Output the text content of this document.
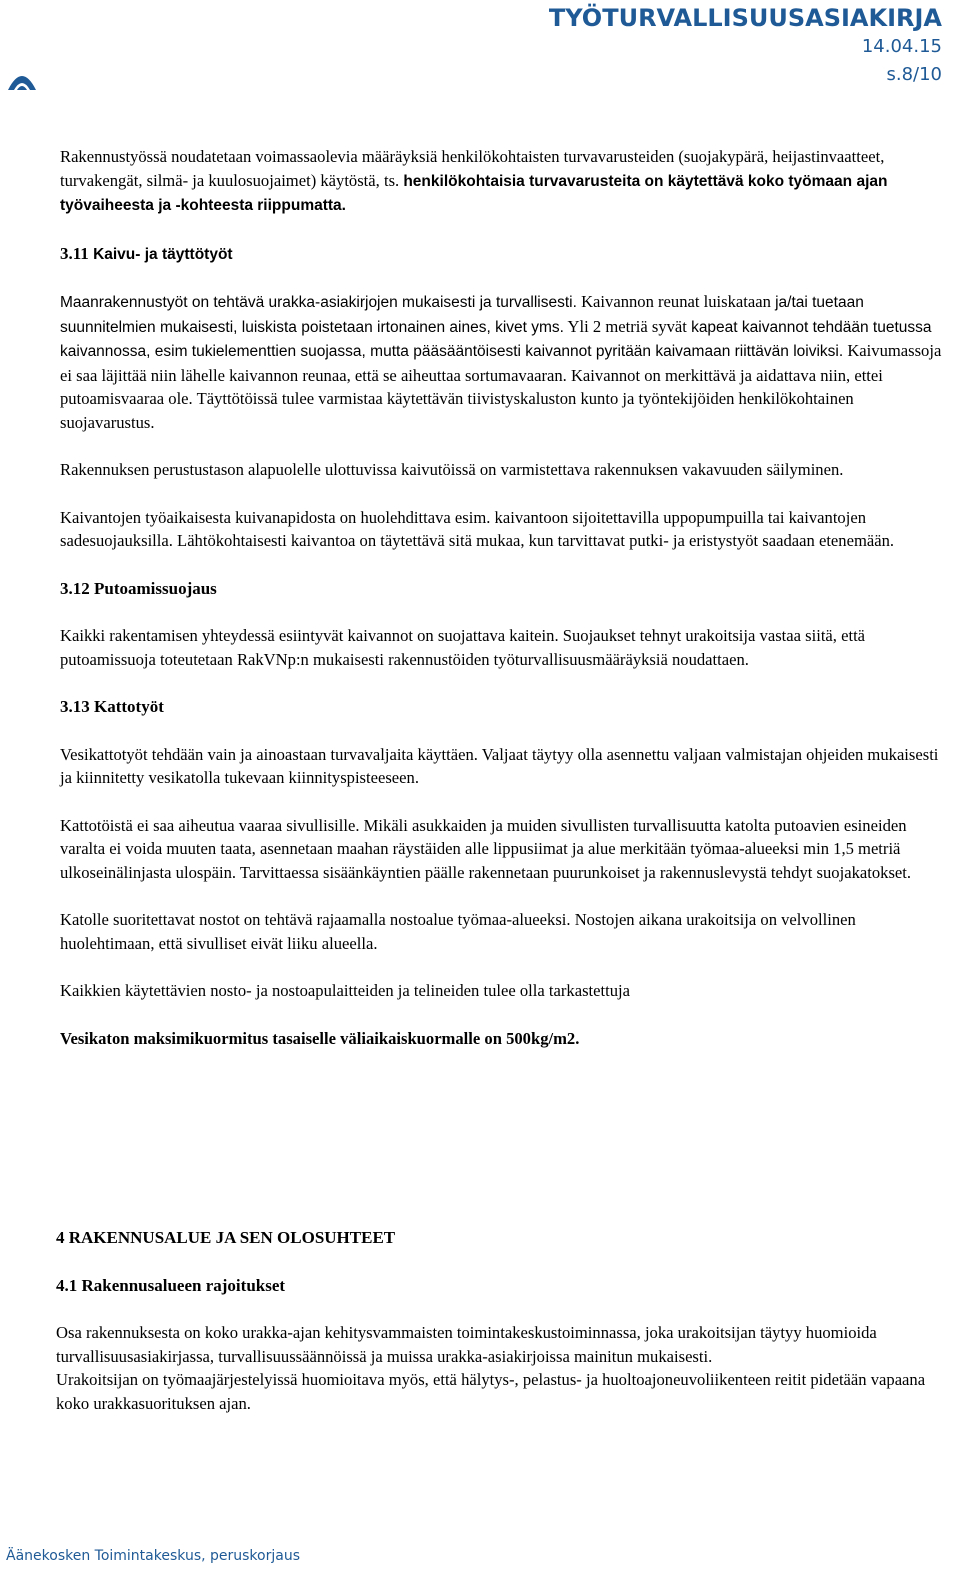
TYÖTURVALLISUUSASIAKIRJA
14.04.15
s.8/10

Rakennustyössä noudatetaan voimassaolevia määräyksiä henkilökohtaisten turvavarusteiden (suojakypärä, heijastinvaatteet, turvakengät, silmä- ja kuulosuojaimet) käytöstä, ts. henkilökohtaisia turvavarusteita on käytettävä koko työmaan ajan työvaiheesta ja -kohteesta riippumatta.

3.11 Kaivu- ja täyttötyöt

Maanrakennustyöt on tehtävä urakka-asiakirjojen mukaisesti ja turvallisesti. Kaivannon reunat luiskataan ja/tai tuetaan suunnitelmien mukaisesti, luiskista poistetaan irtonainen aines, kivet yms. Yli 2 metriä syvät kapeat kaivannot tehdään tuetussa kaivannossa, esim tukielementtien suojassa, mutta pääsääntöisesti kaivannot pyritään kaivamaan riittävän loiviksi. Kaivumassoja ei saa läjittää niin lähelle kaivannon reunaa, että se aiheuttaa sortumavaaran. Kaivannot on merkittävä ja aidattava niin, ettei putoamisvaaraa ole. Täyttötöissä tulee varmistaa käytettävän tiivistyskaluston kunto ja työntekijöiden henkilökohtainen suojavarustus.

Rakennuksen perustustason alapuolelle ulottuvissa kaivutöissä on varmistettava rakennuksen vakavuuden säilyminen.

Kaivantojen työaikaisesta kuivanapidosta on huolehdittava esim. kaivantoon sijoitettavilla uppopumpuilla tai kaivantojen sadesuojauksilla. Lähtökohtaisesti kaivantoa on täytettävä sitä mukaa, kun tarvittavat putki- ja eristystyöt saadaan etenemään.

3.12 Putoamissuojaus

Kaikki rakentamisen yhteydessä esiintyvät kaivannot on suojattava kaitein. Suojaukset tehnyt urakoitsija vastaa siitä, että putoamissuoja toteutetaan RakVNp:n mukaisesti rakennustöiden työturvallisuusmääräyksiä noudattaen.

3.13 Kattotyöt

Vesikattotyöt tehdään vain ja ainoastaan turvavaljaita käyttäen. Valjaat täytyy olla asennettu valjaan valmistajan ohjeiden mukaisesti ja kiinnitetty vesikatolla tukevaan kiinnityspisteeseen.

Kattotöistä ei saa aiheutua vaaraa sivullisille. Mikäli asukkaiden ja muiden sivullisten turvallisuutta katolta putoavien esineiden varalta ei voida muuten taata, asennetaan maahan räystäiden alle lippusiimat ja alue merkitään työmaa-alueeksi min 1,5 metriä ulkoseinälinjasta ulospäin. Tarvittaessa sisäänkäyntien päälle rakennetaan puurunkoiset ja rakennuslevystä tehdyt suojakatokset.

Katolle suoritettavat nostot on tehtävä rajaamalla nostoalue työmaa-alueeksi. Nostojen aikana urakoitsija on velvollinen huolehtimaan, että sivulliset eivät liiku alueella.

Kaikkien käytettävien nosto- ja nostoapulaitteiden ja telineiden tulee olla tarkastettuja

Vesikaton maksimikuormitus tasaiselle väliaikaiskuormalle on 500kg/m2.

4 RAKENNUSALUE JA SEN OLOSUHTEET

4.1 Rakennusalueen rajoitukset

Osa rakennuksesta on koko urakka-ajan kehitysvammaisten toimintakeskustoiminnassa, joka urakoitsijan täytyy huomioida turvallisuusasiakirjassa, turvallisuussäännöissä ja muissa urakka-asiakirjoissa mainitun mukaisesti.

Urakoitsijan on työmaajärjestelyissä huomioitava myös, että hälytys-, pelastus- ja huoltoajoneuvoliikenteen reitit pidetään vapaana koko urakkasuorituksen ajan.

Äänekosken Toimintakeskus, peruskorjaus
